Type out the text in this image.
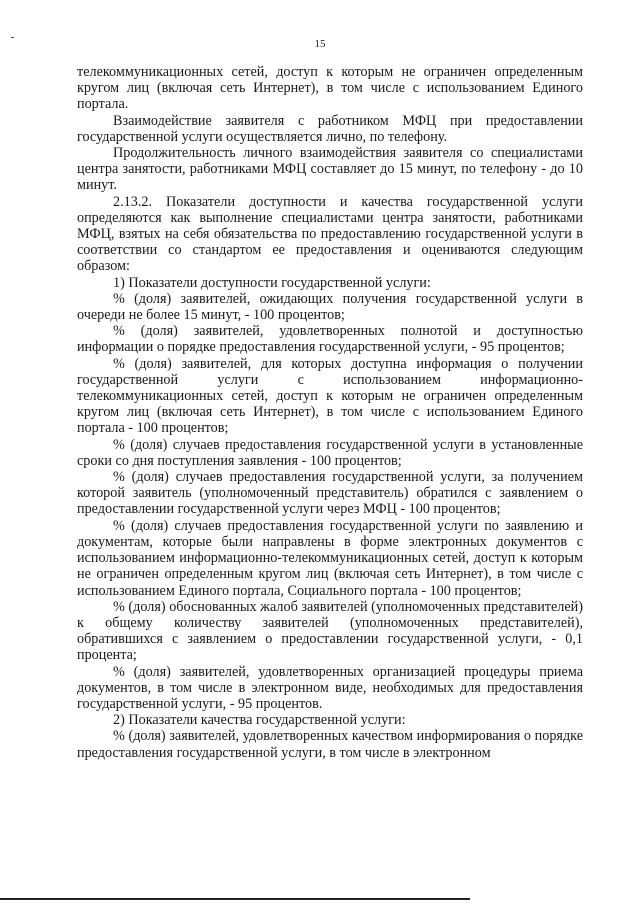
15

телекоммуникационных сетей, доступ к которым не ограничен определенным кругом лиц (включая сеть Интернет), в том числе с использованием Единого портала.

Взаимодействие заявителя с работником МФЦ при предоставлении государственной услуги осуществляется лично, по телефону.

Продолжительность личного взаимодействия заявителя со специалистами центра занятости, работниками МФЦ составляет до 15 минут, по телефону - до 10 минут.

2.13.2. Показатели доступности и качества государственной услуги определяются как выполнение специалистами центра занятости, работниками МФЦ, взятых на себя обязательства по предоставлению государственной услуги в соответствии со стандартом ее предоставления и оцениваются следующим образом:

1) Показатели доступности государственной услуги:

% (доля) заявителей, ожидающих получения государственной услуги в очереди не более 15 минут, - 100 процентов;

% (доля) заявителей, удовлетворенных полнотой и доступностью информации о порядке предоставления государственной услуги, - 95 процентов;

% (доля) заявителей, для которых доступна информация о получении государственной услуги с использованием информационно-телекоммуникационных сетей, доступ к которым не ограничен определенным кругом лиц (включая сеть Интернет), в том числе с использованием Единого портала - 100 процентов;

% (доля) случаев предоставления государственной услуги в установленные сроки со дня поступления заявления - 100 процентов;

% (доля) случаев предоставления государственной услуги, за получением которой заявитель (уполномоченный представитель) обратился с заявлением о предоставлении государственной услуги через МФЦ - 100 процентов;

% (доля) случаев предоставления государственной услуги по заявлению и документам, которые были направлены в форме электронных документов с использованием информационно-телекоммуникационных сетей, доступ к которым не ограничен определенным кругом лиц (включая сеть Интернет), в том числе с использованием Единого портала, Социального портала - 100 процентов;

% (доля) обоснованных жалоб заявителей (уполномоченных представителей) к общему количеству заявителей (уполномоченных представителей), обратившихся с заявлением о предоставлении государственной услуги, - 0,1 процента;

% (доля) заявителей, удовлетворенных организацией процедуры приема документов, в том числе в электронном виде, необходимых для предоставления государственной услуги, - 95 процентов.

2) Показатели качества государственной услуги:

% (доля) заявителей, удовлетворенных качеством информирования о порядке предоставления государственной услуги, в том числе в электронном
